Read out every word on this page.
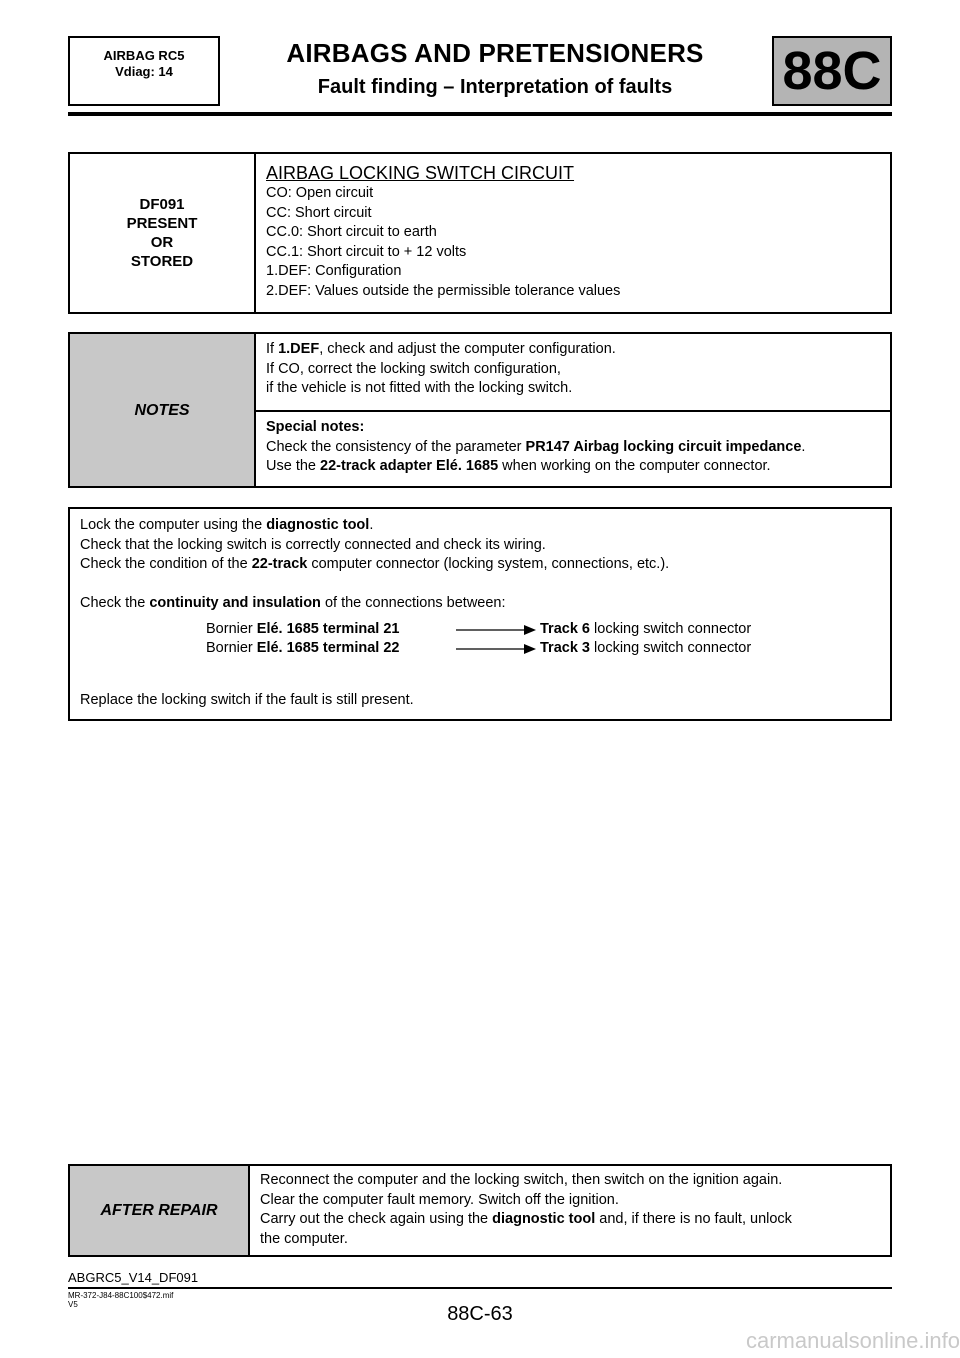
AIRBAG RC5
Vdiag: 14
AIRBAGS AND PRETENSIONERS
Fault finding – Interpretation of faults	88C
DF091
PRESENT
OR
STORED

AIRBAG LOCKING SWITCH CIRCUIT
CO: Open circuit
CC: Short circuit
CC.0: Short circuit to earth
CC.1: Short circuit to + 12 volts
1.DEF: Configuration
2.DEF: Values outside the permissible tolerance values
NOTES	
If 1.DEF, check and adjust the computer configuration.
If CO, correct the locking switch configuration,
if the vehicle is not fitted with the locking switch.

Special notes:
Check the consistency of the parameter PR147 Airbag locking circuit impedance.
Use the 22-track adapter Elé. 1685 when working on the computer connector.
Lock the computer using the diagnostic tool.
Check that the locking switch is correctly connected and check its wiring.
Check the condition of the 22-track computer connector (locking system, connections, etc.).
Check the continuity and insulation of the connections between:
Bornier Elé. 1685 terminal 21	Track 6 locking switch connector
Bornier Elé. 1685 terminal 22	Track 3 locking switch connector
Replace the locking switch if the fault is still present.
AFTER REPAIR	
Reconnect the computer and the locking switch, then switch on the ignition again.
Clear the computer fault memory. Switch off the ignition.
Carry out the check again using the diagnostic tool and, if there is no fault, unlock
the computer.
ABGRC5_V14_DF091
MR-372-J84-88C100$472.mif
V5	88C-63
carmanualsonline.info
